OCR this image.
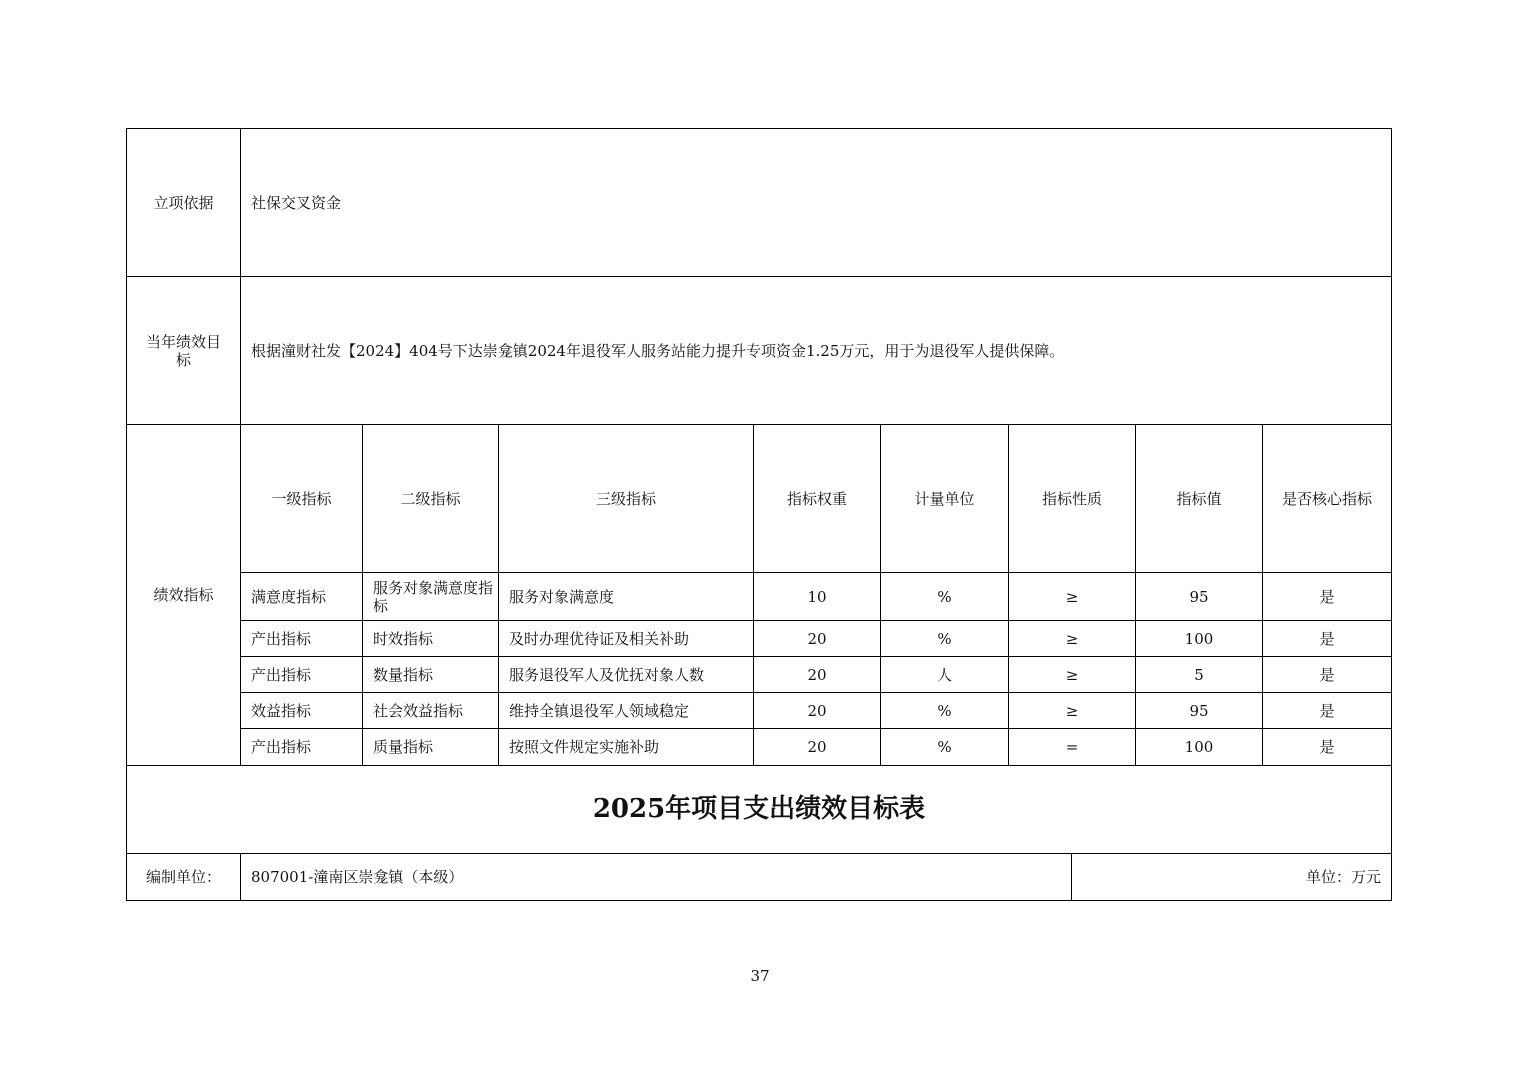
立项依据	社保交叉资金							
当年绩效目标	根据潼财社发【2024】404号下达崇龛镇2024年退役军人服务站能力提升专项资金1.25万元，用于为退役军人提供保障。							
绩效指标	一级指标	二级指标	三级指标	指标权重	计量单位	指标性质	指标值	是否核心指标
	满意度指标	服务对象满意度指标	服务对象满意度	10	%	≥	95	是
	产出指标	时效指标	及时办理优待证及相关补助	20	%	≥	100	是
	产出指标	数量指标	服务退役军人及优抚对象人数	20	人	≥	5	是
	效益指标	社会效益指标	维持全镇退役军人领域稳定	20	%	≥	95	是
	产出指标	质量指标	按照文件规定实施补助	20	%	=	100	是
2025年项目支出绩效目标表
编制单位：	807001-潼南区崇龛镇（本级）	单位：万元
37
